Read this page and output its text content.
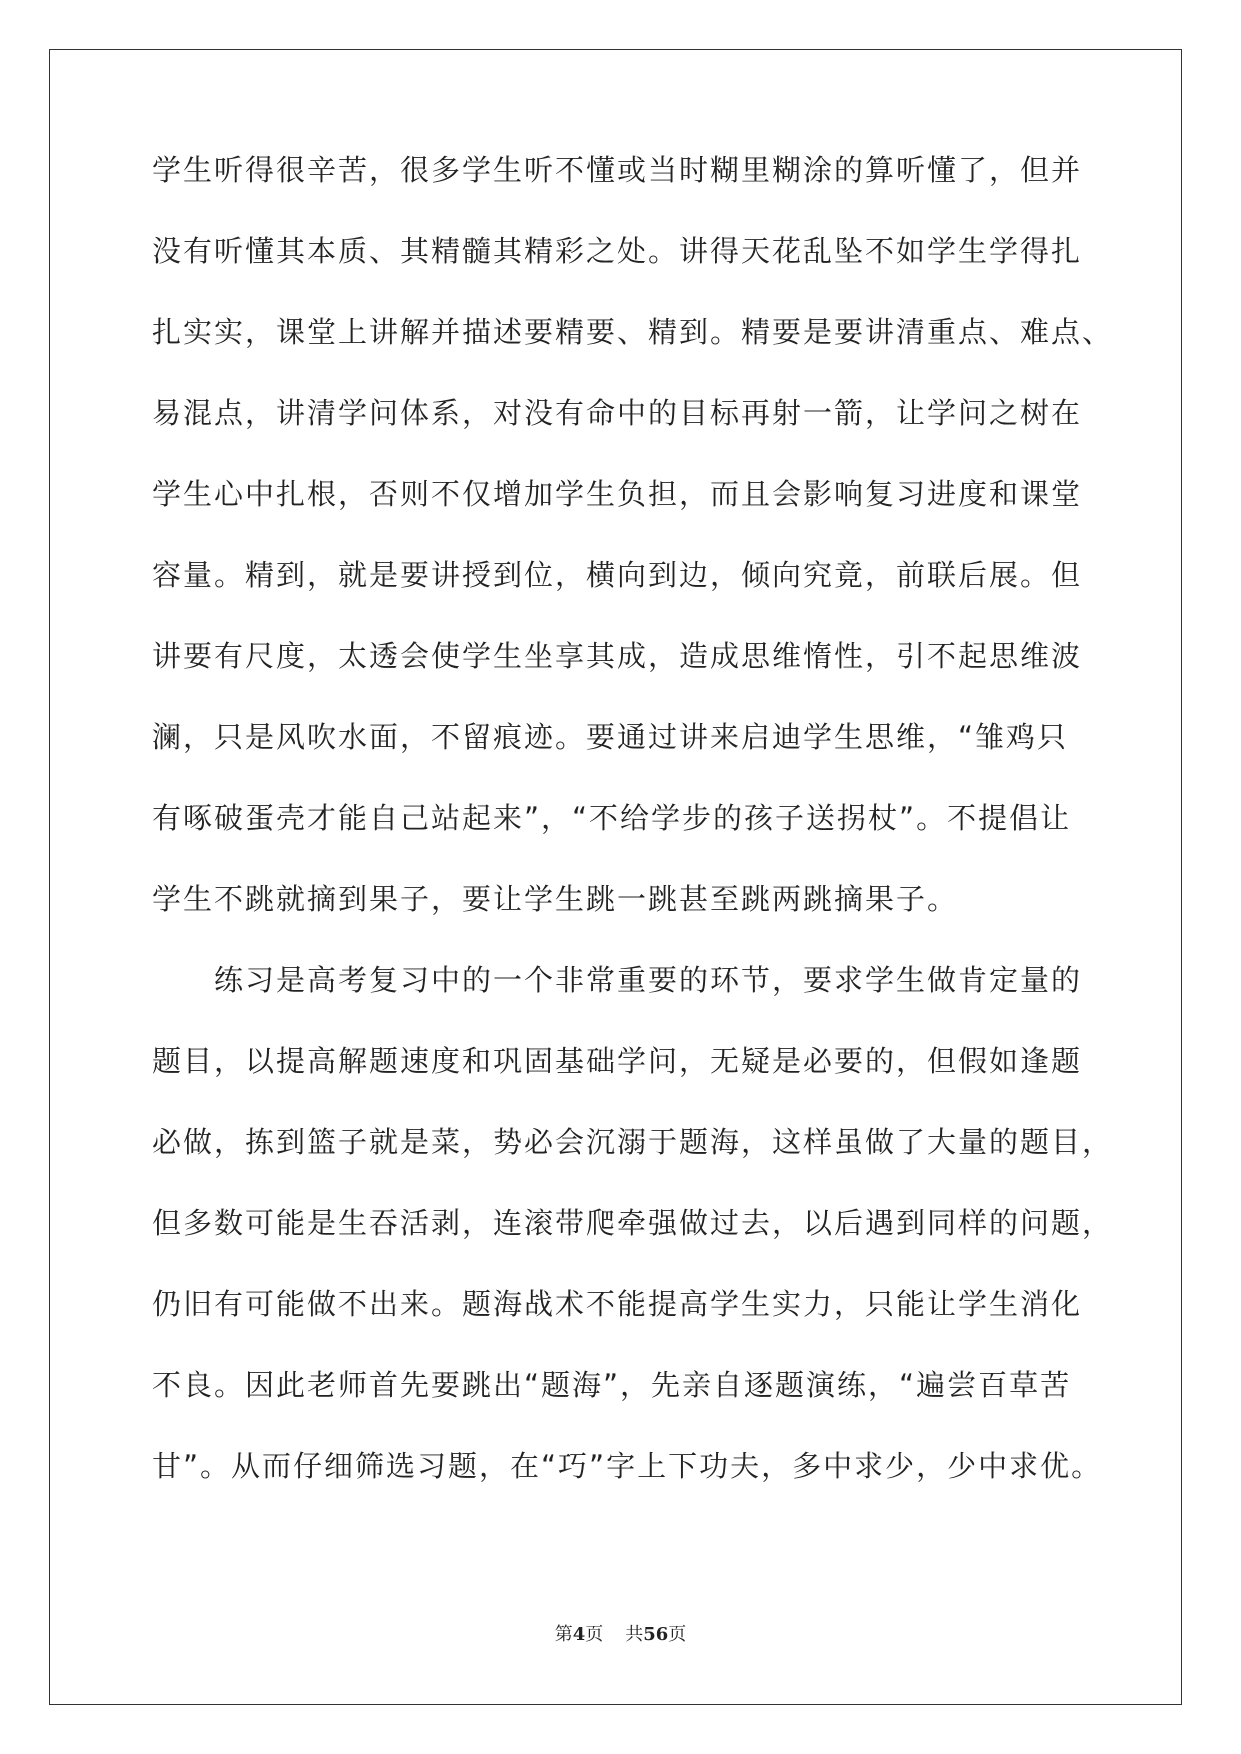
学生听得很辛苦，很多学生听不懂或当时糊里糊涂的算听懂了，但并
没有听懂其本质、其精髓其精彩之处。讲得天花乱坠不如学生学得扎
扎实实，课堂上讲解并描述要精要、精到。精要是要讲清重点、难点、
易混点，讲清学问体系，对没有命中的目标再射一箭，让学问之树在
学生心中扎根，否则不仅增加学生负担，而且会影响复习进度和课堂
容量。精到，就是要讲授到位，横向到边，倾向究竟，前联后展。但
讲要有尺度，太透会使学生坐享其成，造成思维惰性，引不起思维波
澜，只是风吹水面，不留痕迹。要通过讲来启迪学生思维，“雏鸡只
有啄破蛋壳才能自己站起来”，“不给学步的孩子送拐杖”。不提倡让
学生不跳就摘到果子，要让学生跳一跳甚至跳两跳摘果子。
　　练习是高考复习中的一个非常重要的环节，要求学生做肯定量的
题目，以提高解题速度和巩固基础学问，无疑是必要的，但假如逢题
必做，拣到篮子就是菜，势必会沉溺于题海，这样虽做了大量的题目，
但多数可能是生吞活剥，连滚带爬牵强做过去，以后遇到同样的问题，
仍旧有可能做不出来。题海战术不能提高学生实力，只能让学生消化
不良。因此老师首先要跳出“题海”，先亲自逐题演练，“遍尝百草苦
甘”。从而仔细筛选习题，在“巧”字上下功夫，多中求少，少中求优。
第4页 共56页
